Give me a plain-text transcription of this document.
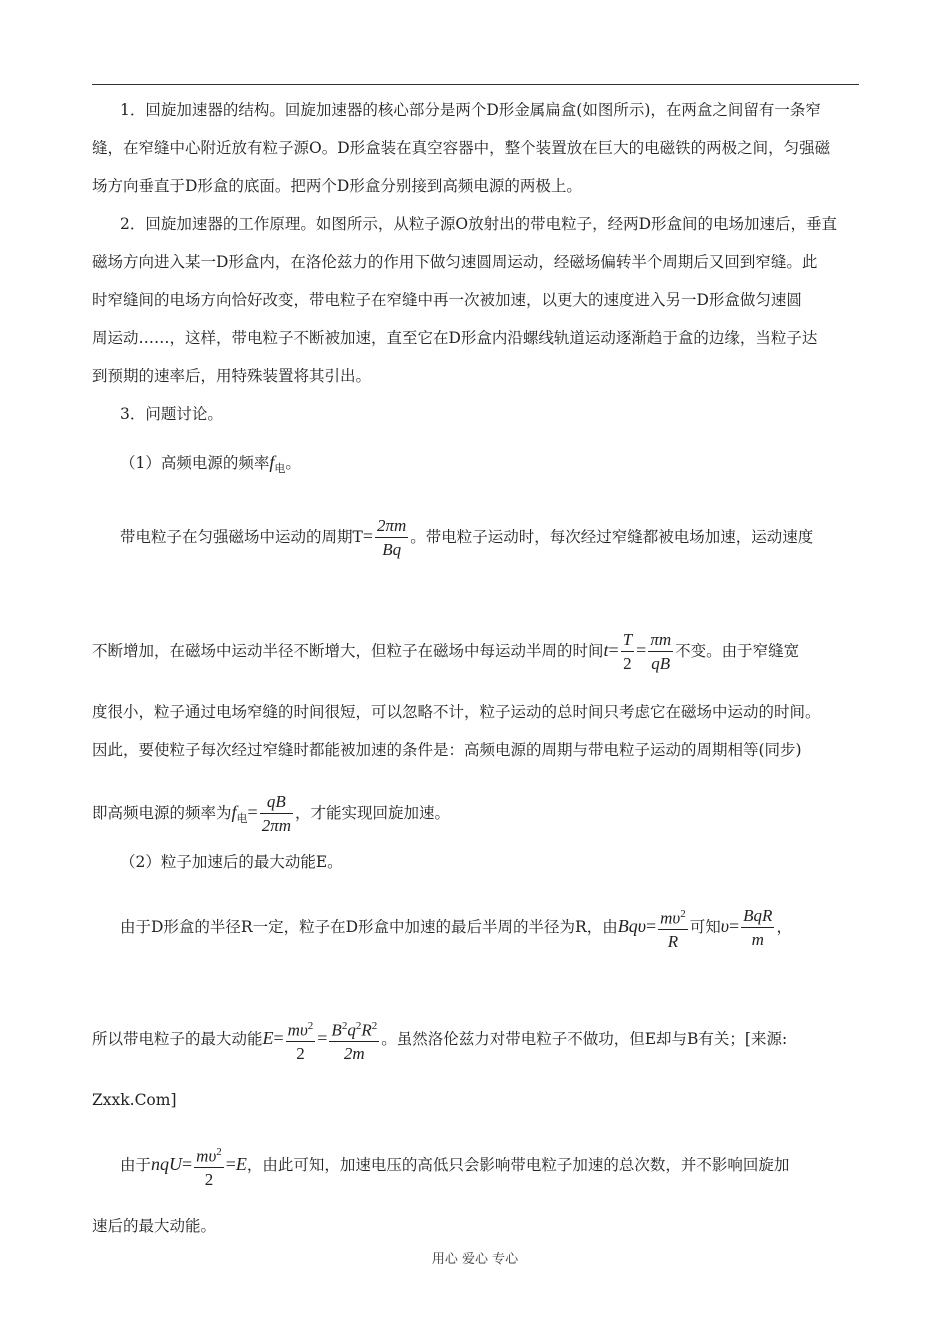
1．回旋加速器的结构。回旋加速器的核心部分是两个D形金属扁盒(如图所示)，在两盒之间留有一条窄
缝，在窄缝中心附近放有粒子源O。D形盒装在真空容器中，整个装置放在巨大的电磁铁的两极之间，匀强磁
场方向垂直于D形盒的底面。把两个D形盒分别接到高频电源的两极上。
2．回旋加速器的工作原理。如图所示，从粒子源O放射出的带电粒子，经两D形盒间的电场加速后，垂直
磁场方向进入某一D形盒内，在洛伦兹力的作用下做匀速圆周运动，经磁场偏转半个周期后又回到窄缝。此
时窄缝间的电场方向恰好改变，带电粒子在窄缝中再一次被加速，以更大的速度进入另一D形盒做匀速圆
周运动……，这样，带电粒子不断被加速，直至它在D形盒内沿螺线轨道运动逐渐趋于盒的边缘，当粒子达
到预期的速率后，用特殊装置将其引出。
3．问题讨论。
（1）高频电源的频率$f_电$。
带电粒子在匀强磁场中运动的周期$T= \frac{2\pi m}{Bq}$ 。带电粒子运动时，每次经过窄缝都被电场加速，运动速度
不断增加，在磁场中运动半径不断增大，但粒子在磁场中每运动半周的时间$t= \frac{T}{2} = \frac{\pi m}{qB}$ 不变。由于窄缝宽
度很小，粒子通过电场窄缝的时间很短，可以忽略不计，粒子运动的总时间只考虑它在磁场中运动的时间。
因此，要使粒子每次经过窄缝时都能被加速的条件是：高频电源的周期与带电粒子运动的周期相等(同步)
即高频电源的频率为$f_电= \frac{qB}{2\pi m}$ ，才能实现回旋加速。
（2）粒子加速后的最大动能E。
由于D形盒的半径R一定，粒子在D形盒中加速的最后半周的半径为R，由$Bq\upsilon= \frac{m\upsilon^2}{R}$ 可知$\upsilon= \frac{\text{BqR}}{m}$ ，
所以带电粒子的最大动能$E= \frac{m\upsilon^2}{2} = \frac{B^2q^2R^2}{2m}$ 。虽然洛伦兹力对带电粒子不做功，但E却与B有关；[来源:
Zxxk.Com]
由于$nqU= \frac{m\upsilon^2}{2} =E$，由此可知，加速电压的高低只会影响带电粒子加速的总次数，并不影响回旋加
速后的最大动能。
用心 爱心 专心
